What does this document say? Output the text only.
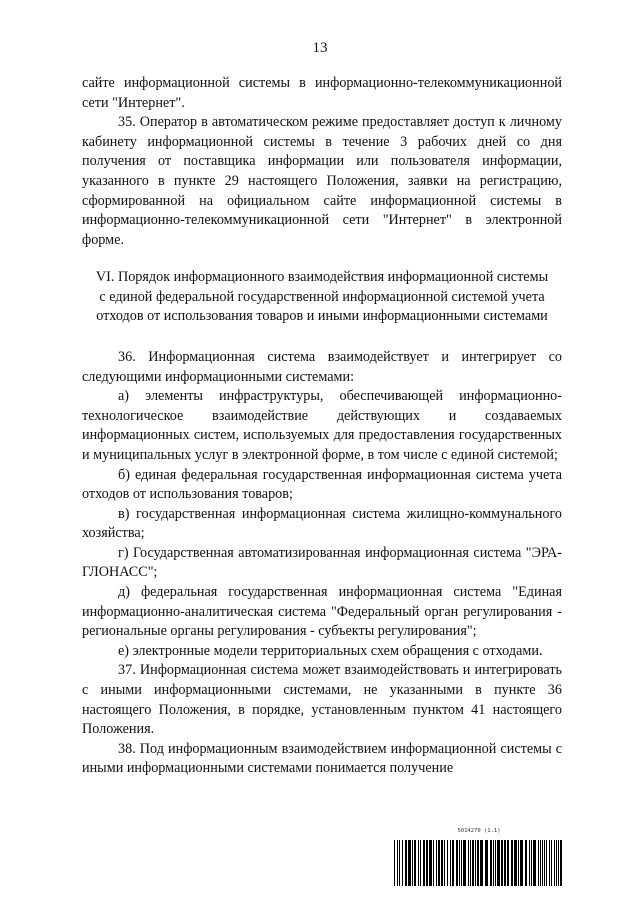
13

сайте информационной системы в информационно-телекоммуникационной сети "Интернет".

35. Оператор в автоматическом режиме предоставляет доступ к личному кабинету информационной системы в течение 3 рабочих дней со дня получения от поставщика информации или пользователя информации, указанного в пункте 29 настоящего Положения, заявки на регистрацию, сформированной на официальном сайте информационной системы в информационно-телекоммуникационной сети "Интернет" в электронной форме.

VI. Порядок информационного взаимодействия информационной системы
с единой федеральной государственной информационной системой учета
отходов от использования товаров и иными информационными системами

36. Информационная система взаимодействует и интегрирует со следующими информационными системами:

а) элементы инфраструктуры, обеспечивающей информационно-технологическое взаимодействие действующих и создаваемых информационных систем, используемых для предоставления государственных и муниципальных услуг в электронной форме, в том числе с единой системой;

б) единая федеральная государственная информационная система учета отходов от использования товаров;

в) государственная информационная система жилищно-коммунального хозяйства;

г) Государственная автоматизированная информационная система "ЭРА-ГЛОНАСС";

д) федеральная государственная информационная система "Единая информационно-аналитическая система "Федеральный орган регулирования - региональные органы регулирования - субъекты регулирования";

е) электронные модели территориальных схем обращения с отходами.

37. Информационная система может взаимодействовать и интегрировать с иными информационными системами, не указанными в пункте 36 настоящего Положения, в порядке, установленным пунктом 41 настоящего Положения.

38. Под информационным взаимодействием информационной системы с иными информационными системами понимается получение

5014270 (1.1)
